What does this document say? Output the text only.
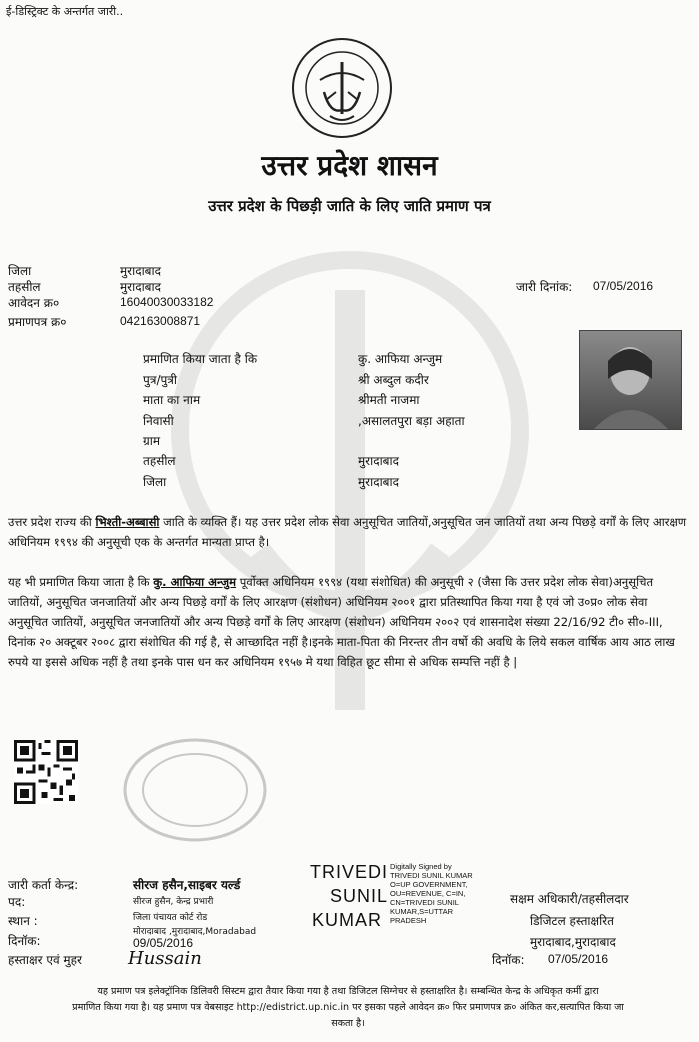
ई-डिस्ट्रिक्ट के अन्तर्गत जारी..
उत्तर प्रदेश शासन
उत्तर प्रदेश के पिछड़ी जाति के लिए जाति प्रमाण पत्र
जिला	मुरादाबाद
तहसील	मुरादाबाद
आवेदन क्र०	16040030033182
प्रमाणपत्र क्र०	042163008871
जारी दिनांक: 07/05/2016
प्रमाणित किया जाता है कि	कु. आफिया अन्जुम
पुत्र/पुत्री	श्री अब्दुल कदीर
माता का नाम	श्रीमती नाजमा
निवासी	,असालतपुरा बड़ा अहाता
ग्राम
तहसील	मुरादाबाद
जिला	मुरादाबाद

उत्तर प्रदेश राज्य की भिश्ती-अब्बासी जाति के व्यक्ति हैं। यह उत्तर प्रदेश लोक सेवा अनुसूचित जातियों,अनुसूचित जन जातियों तथा अन्य पिछड़े वर्गों के लिए आरक्षण अधिनियम १९९४ की अनुसूची एक के अन्तर्गत मान्यता प्राप्त है।

यह भी प्रमाणित किया जाता है कि कु. आफिया अन्जुम पूर्वोक्त अधिनियम १९९४ (यथा संशोधित) की अनुसूची २ (जैसा कि उत्तर प्रदेश लोक सेवा)अनुसूचित जातियों, अनुसूचित जनजातियों और अन्य पिछड़े वर्गों के लिए आरक्षण (संशोधन) अधिनियम २००१ द्वारा प्रतिस्थापित किया गया है एवं जो उ०प्र० लोक सेवा अनुसूचित जातियों, अनुसूचित जनजातियों और अन्य पिछड़े वर्गों के लिए आरक्षण (संशोधन) अधिनियम २००२ एवं शासनादेश संख्या 22/16/92 टी० सी०-III, दिनांक २० अक्टूबर २००८ द्वारा संशोधित की गई है, से आच्छादित नहीं है।इनके माता-पिता की निरन्तर तीन वर्षो की अवधि के लिये सकल वार्षिक आय आठ लाख रुपये या इससे अधिक नहीं है तथा इनके पास धन कर अधिनियम १९५७ मे यथा विहित छूट सीमा से अधिक सम्पत्ति नहीं है |

जारी कर्ता केन्द्र:	सीरज हसैन,साइबर यर्ल्ड
पद:	सीरज हुसैन, केन्द्र प्रभारी
स्थान :	जिला पंचायत कोर्ट रोड
मोरादाबाद ,मुरादाबाद,Moradabad
दिनॉक:	09/05/2016
हस्ताक्षर एवं मुहर	Hussain
TRIVEDI
SUNIL
KUMAR
Digitally Signed by
TRIVEDI SUNIL KUMAR
O=UP GOVERNMENT,
OU=REVENUE, C=IN,
CN=TRIVEDI SUNIL
KUMAR,S=UTTAR
PRADESH
सक्षम अधिकारी/तहसीलदार
डिजिटल हस्ताक्षरित
मुरादाबाद,मुरादाबाद
दिनॉक: 07/05/2016

यह प्रमाण पत्र इलेक्ट्रॉनिक डिलिवरी सिस्टम द्वारा तैयार किया गया है तथा डिजिटल सिग्नेचर से हस्ताक्षरित है। सम्बन्धित केन्द्र के अधिकृत कर्मी द्वारा

प्रमाणित किया गया है। यह प्रमाण पत्र वेबसाइट http://edistrict.up.nic.in पर इसका पहले आवेदन क्र० फिर प्रमाणपत्र क्र० अंकित कर,सत्यापित किया जा

सकता है।
